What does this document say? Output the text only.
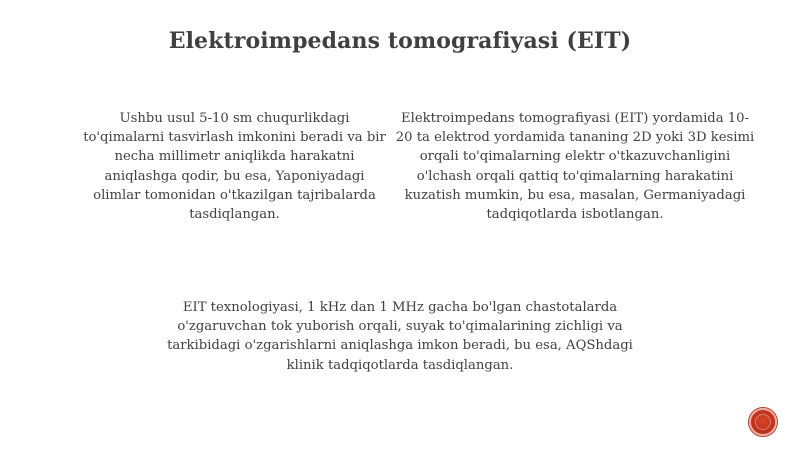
Elektroimpedans tomografiyasi (EIT)

Ushbu usul 5-10 sm chuqurlikdagi to'qimalarni tasvirlash imkonini beradi va bir necha millimetr aniqlikda harakatni aniqlashga qodir, bu esa, Yaponiyadagi olimlar tomonidan o'tkazilgan tajribalarda tasdiqlangan.

Elektroimpedans tomografiyasi (EIT) yordamida 10-20 ta elektrod yordamida tananing 2D yoki 3D kesimi orqali to'qimalarning elektr o'tkazuvchanligini o'lchash orqali qattiq to'qimalarning harakatini kuzatish mumkin, bu esa, masalan, Germaniyadagi tadqiqotlarda isbotlangan.

EIT texnologiyasi, 1 kHz dan 1 MHz gacha bo'lgan chastotalarda o'zgaruvchan tok yuborish orqali, suyak to'qimalarining zichligi va tarkibidagi o'zgarishlarni aniqlashga imkon beradi, bu esa, AQShdagi klinik tadqiqotlarda tasdiqlangan.
